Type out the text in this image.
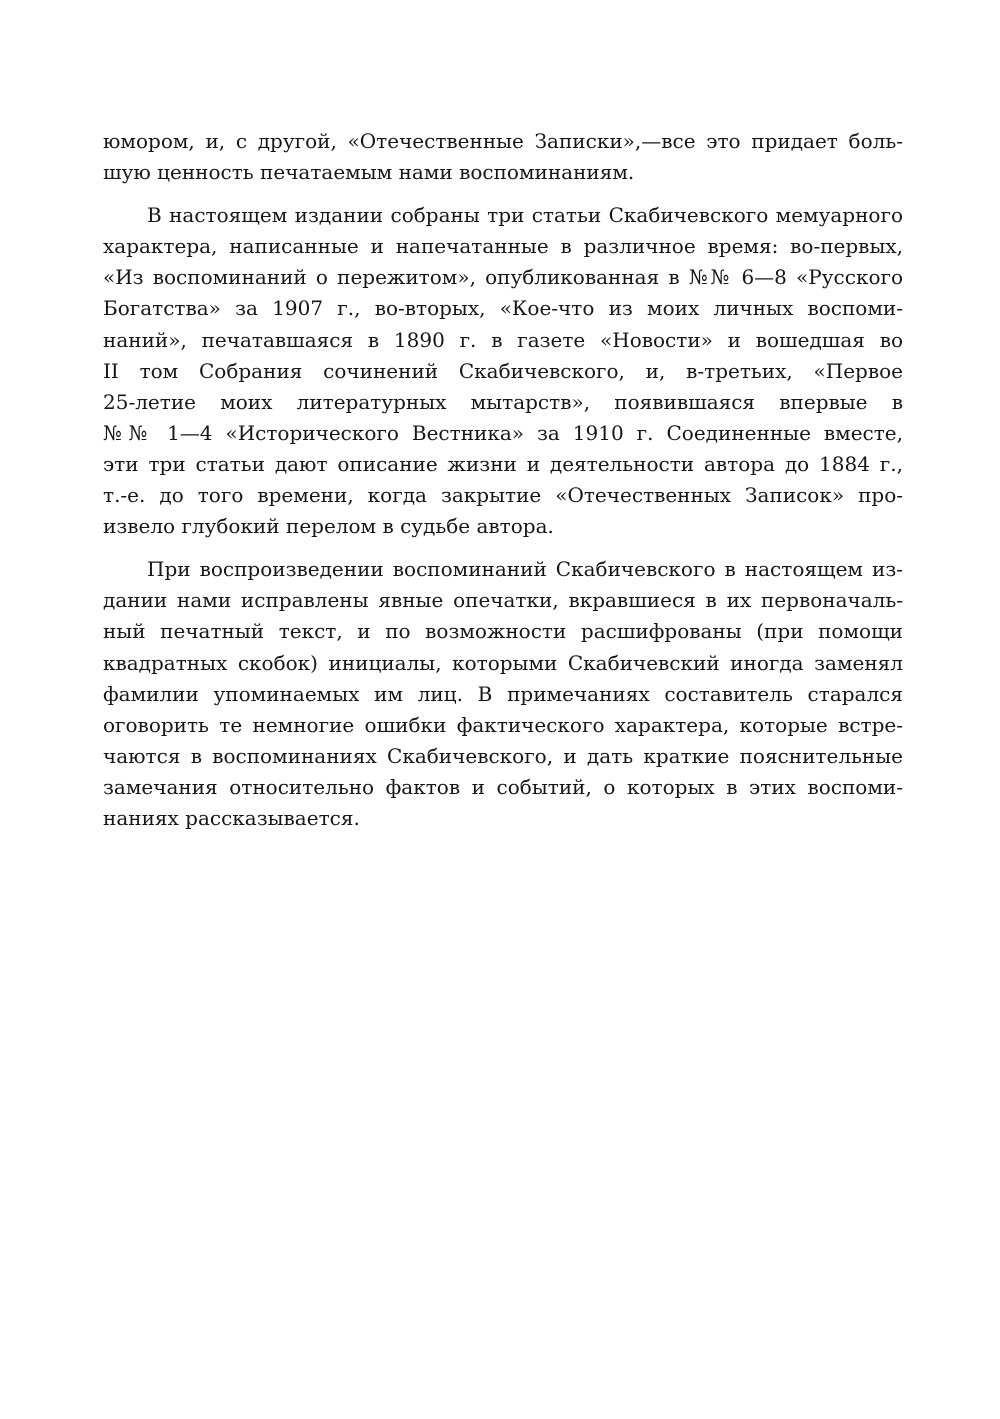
юмором, и, с другой, «Отечественные Записки»,—все это придает боль-
шую ценность печатаемым нами воспоминаниям.
В настоящем издании собраны три статьи Скабичевского мемуарного
характера, написанные и напечатанные в различное время: во-первых,
«Из воспоминаний о пережитом», опубликованная в №№ 6—8 «Русского
Богатства» за 1907 г., во-вторых, «Кое-что из моих личных воспоми-
наний», печатавшаяся в 1890 г. в газете «Новости» и вошедшая во
II том Собрания сочинений Скабичевского, и, в-третьих, «Первое
25-летие моих литературных мытарств», появившаяся впервые в
№№ 1—4 «Исторического Вестника» за 1910 г. Соединенные вместе,
эти три статьи дают описание жизни и деятельности автора до 1884 г.,
т.-е. до того времени, когда закрытие «Отечественных Записок» про-
извело глубокий перелом в судьбе автора.
При воспроизведении воспоминаний Скабичевского в настоящем из-
дании нами исправлены явные опечатки, вкравшиеся в их первоначаль-
ный печатный текст, и по возможности расшифрованы (при помощи
квадратных скобок) инициалы, которыми Скабичевский иногда заменял
фамилии упоминаемых им лиц. В примечаниях составитель старался
оговорить те немногие ошибки фактического характера, которые встре-
чаются в воспоминаниях Скабичевского, и дать краткие пояснительные
замечания относительно фактов и событий, о которых в этих воспоми-
наниях рассказывается.
